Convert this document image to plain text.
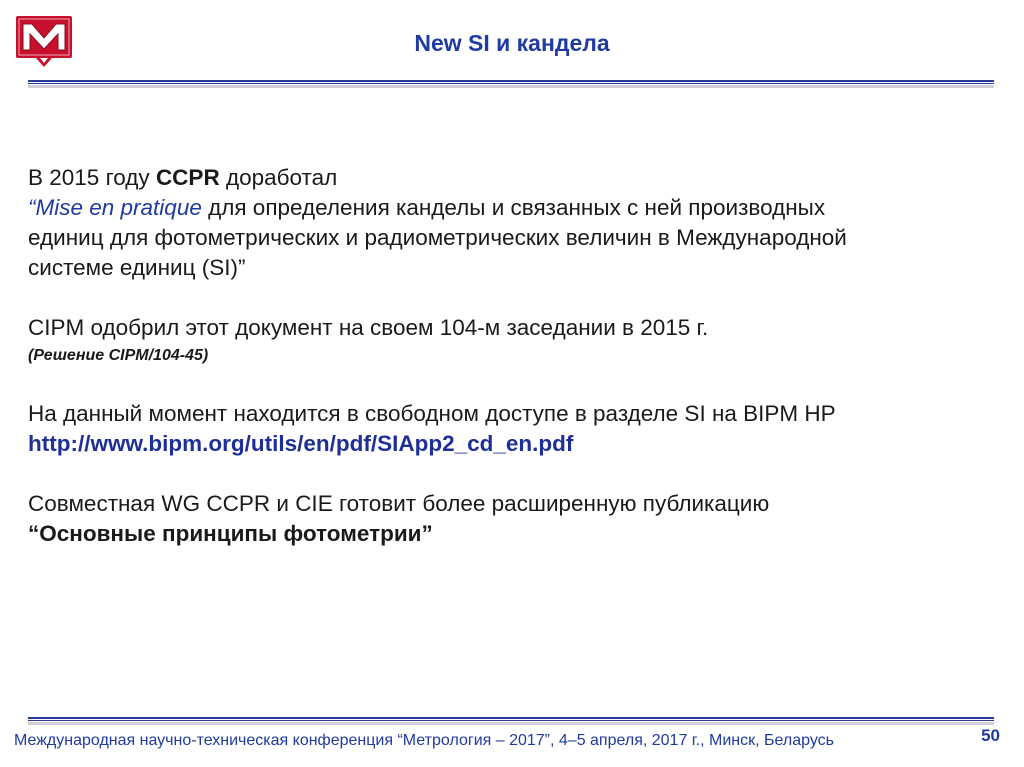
New SI и кандела

В 2015 году CCPR доработал

“Mise en pratique для определения канделы и связанных с ней производных

единиц для фотометрических и радиометрических величин в Международной

системе единиц (SI)”

CIPM одобрил этот документ на своем 104-м заседании в 2015 г.

(Решение CIPM/104-45)

На данный момент находится в свободном доступе в разделе SI на BIPM HP

http://www.bipm.org/utils/en/pdf/SIApp2_cd_en.pdf

Совместная WG CCPR и CIE готовит более расширенную публикацию

“Основные принципы фотометрии”

Международная научно-техническая конференция “Метрология – 2017”, 4–5 апреля, 2017 г., Минск, Беларусь	50
